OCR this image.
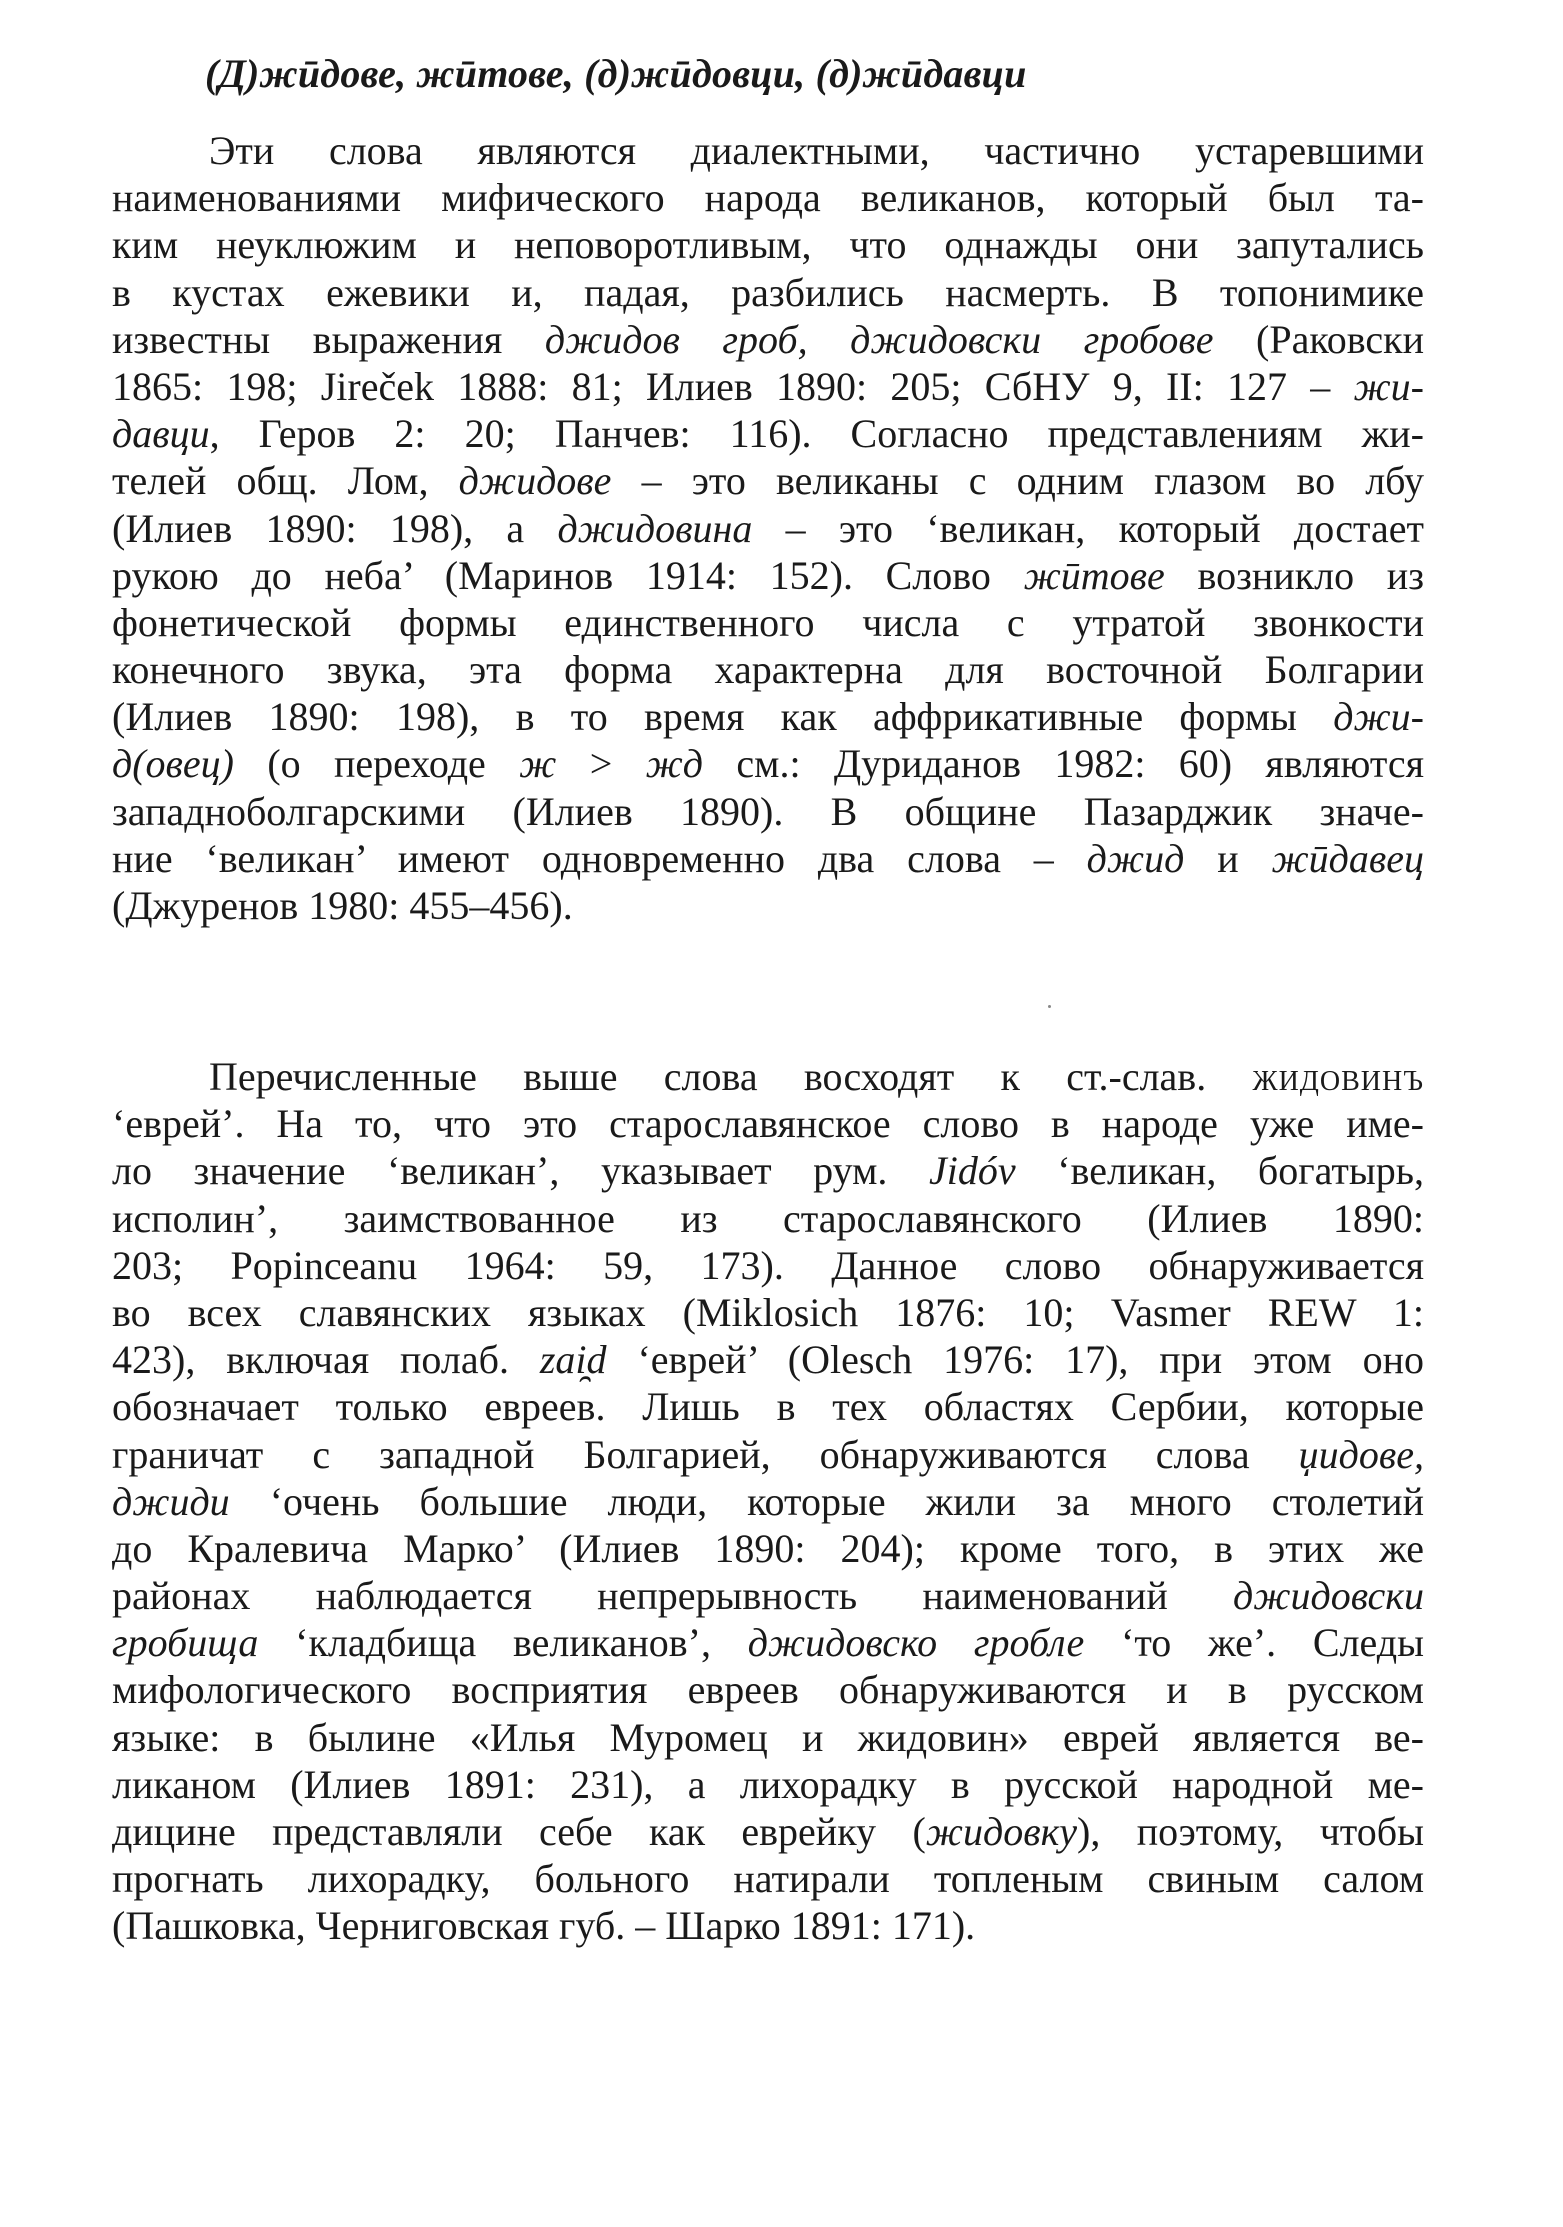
(Д)жӣдове, жӣтове, (д)жӣдовци, (д)жӣдавци
Эти слова являются диалектными, частично устаревшими
наименованиями мифического народа великанов, который был та-
ким неуклюжим и неповоротливым, что однажды они запутались
в кустах ежевики и, падая, разбились насмерть. В топонимике
известны выражения джидов гроб, джидовски гробове (Раковски
1865: 198; Jireček 1888: 81; Илиев 1890: 205; СбНУ 9, II: 127 – жи-
давци, Геров 2: 20; Панчев: 116). Согласно представлениям жи-
телей общ. Лом, джидове – это великаны с одним глазом во лбу
(Илиев 1890: 198), а джидовина – это ‘великан, который достает
рукою до неба’ (Маринов 1914: 152). Слово жӣтове возникло из
фонетической формы единственного числа с утратой звонкости
конечного звука, эта форма характерна для восточной Болгарии
(Илиев 1890: 198), в то время как аффрикативные формы джи-
д(овец) (о переходе ж > жд см.: Дуриданов 1982: 60) являются
западноболгарскими (Илиев 1890). В общине Пазарджик значе-
ние ‘великан’ имеют одновременно два слова – джид и жӣдавец
(Джуренов 1980: 455–456).
Перечисленные выше слова восходят к ст.-слав. жидовинъ
‘еврей’. На то, что это старославянское слово в народе уже име-
ло значение ‘великан’, указывает рум. Jidóv ‘великан, богатырь,
исполин’, заимствованное из старославянского (Илиев 1890:
203; Popinceanu 1964: 59, 173). Данное слово обнаруживается
во всех славянских языках (Miklosich 1876: 10; Vasmer REW 1:
423), включая полаб. zai̯d ‘еврей’ (Olesch 1976: 17), при этом оно
обозначает только евреев. Лишь в тех областях Сербии, которые
граничат с западной Болгарией, обнаруживаются слова џидове,
джиди ‘очень большие люди, которые жили за много столетий
до Кралевича Марко’ (Илиев 1890: 204); кроме того, в этих же
районах наблюдается непрерывность наименований джидовски
гробища ‘кладбища великанов’, джидовско гробле ‘то же’. Следы
мифологического восприятия евреев обнаруживаются и в русском
языке: в былине «Илья Муромец и жидовин» еврей является ве-
ликаном (Илиев 1891: 231), а лихорадку в русской народной ме-
дицине представляли себе как еврейку (жидовку), поэтому, чтобы
прогнать лихорадку, больного натирали топленым свиным салом
(Пашковка, Черниговская губ. – Шарко 1891: 171).
